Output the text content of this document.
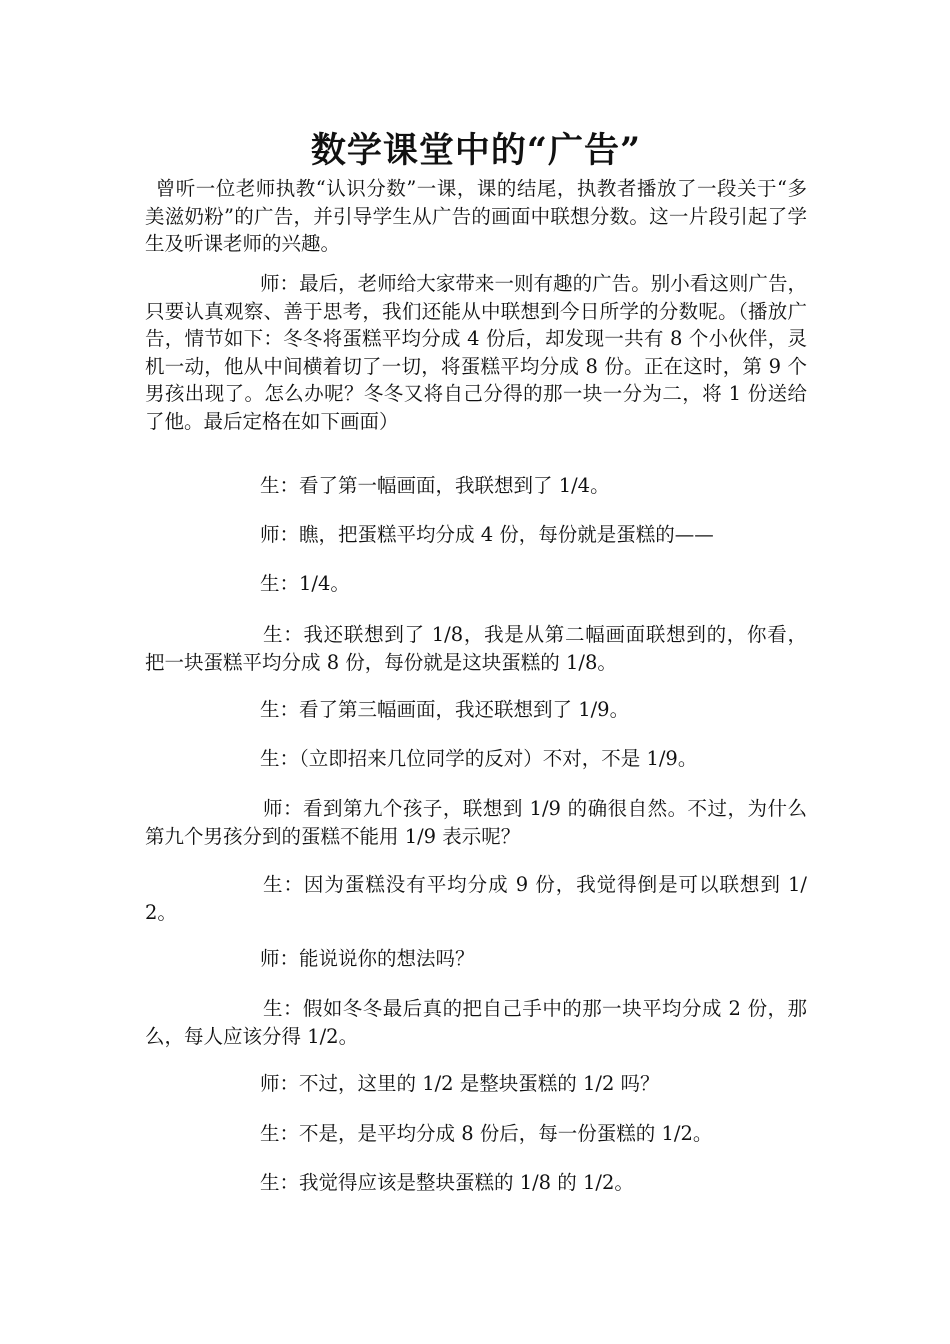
数学课堂中的“广告”

曾听一位老师执教“认识分数”一课，课的结尾，执教者播放了一段关于“多美滋奶粉”的广告，并引导学生从广告的画面中联想分数。这一片段引起了学生及听课老师的兴趣。

师：最后，老师给大家带来一则有趣的广告。别小看这则广告，只要认真观察、善于思考，我们还能从中联想到今日所学的分数呢。（播放广告，情节如下：冬冬将蛋糕平均分成 4 份后，却发现一共有 8 个小伙伴，灵机一动，他从中间横着切了一切，将蛋糕平均分成 8 份。正在这时，第 9 个男孩出现了。怎么办呢？冬冬又将自己分得的那一块一分为二，将 1 份送给了他。最后定格在如下画面）

生：看了第一幅画面，我联想到了 1/4。

师：瞧，把蛋糕平均分成 4 份，每份就是蛋糕的——

生：1/4。

生：我还联想到了 1/8，我是从第二幅画面联想到的，你看，把一块蛋糕平均分成 8 份，每份就是这块蛋糕的 1/8。

生：看了第三幅画面，我还联想到了 1/9。

生：（立即招来几位同学的反对）不对，不是 1/9。

师：看到第九个孩子，联想到 1/9 的确很自然。不过，为什么第九个男孩分到的蛋糕不能用 1/9 表示呢？

生：因为蛋糕没有平均分成 9 份，我觉得倒是可以联想到 1/2。

师：能说说你的想法吗？

生：假如冬冬最后真的把自己手中的那一块平均分成 2 份，那么，每人应该分得 1/2。

师：不过，这里的 1/2 是整块蛋糕的 1/2 吗？

生：不是，是平均分成 8 份后，每一份蛋糕的 1/2。

生：我觉得应该是整块蛋糕的 1/8 的 1/2。
